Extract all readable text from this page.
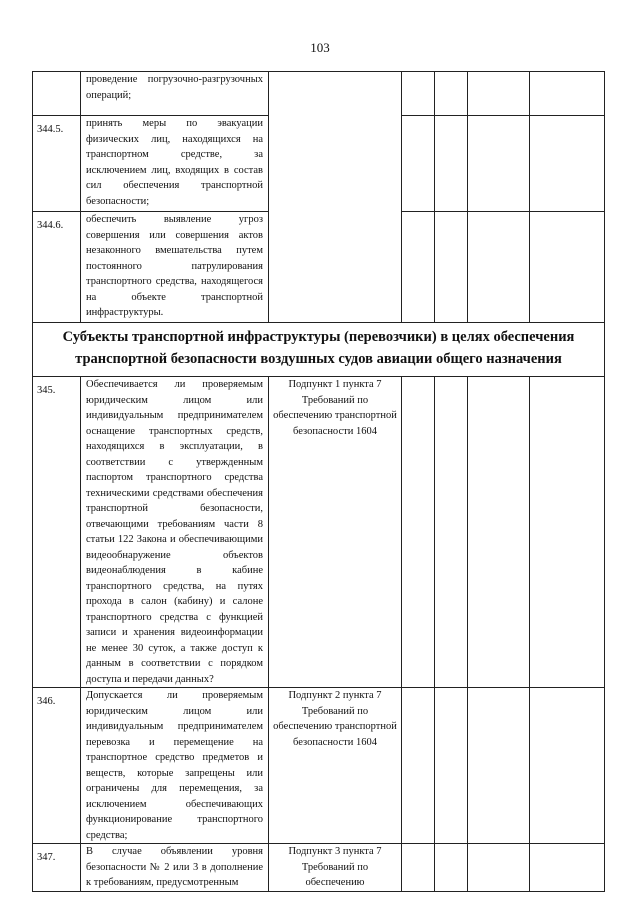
103
	проведение погрузочно-разгрузочных операций;					
344.5.	принять меры по эвакуации физических лиц, находящихся на транспортном средстве, за исключением лиц, входящих в состав сил обеспечения транспортной безопасности;					
344.6.	обеспечить выявление угроз совершения или совершения актов незаконного вмешательства путем постоянного патрулирования транспортного средства, находящегося на объекте транспортной инфраструктуры.					
Субъекты транспортной инфраструктуры (перевозчики) в целях обеспечения транспортной безопасности воздушных судов авиации общего назначения						
345.	Обеспечивается ли проверяемым юридическим лицом или индивидуальным предпринимателем оснащение транспортных средств, находящихся в эксплуатации, в соответствии с утвержденным паспортом транспортного средства техническими средствами обеспечения транспортной безопасности, отвечающими требованиям части 8 статьи 122 Закона и обеспечивающими видеообнаружение объектов видеонаблюдения в кабине транспортного средства, на путях прохода в салон (кабину) и салоне транспортного средства с функцией записи и хранения видеоинформации не менее 30 суток, а также доступ к данным в соответствии с порядком доступа и передачи данных?	Подпункт 1 пункта 7 Требований по обеспечению транспортной безопасности 1604				
346.	Допускается ли проверяемым юридическим лицом или индивидуальным предпринимателем перевозка и перемещение на транспортное средство предметов и веществ, которые запрещены или ограничены для перемещения, за исключением обеспечивающих функционирование транспортного средства;	Подпункт 2 пункта 7 Требований по обеспечению транспортной безопасности 1604				
347.	В случае объявлении уровня безопасности № 2 или 3 в дополнение к требованиям, предусмотренным	Подпункт 3 пункта 7 Требований по обеспечению				
